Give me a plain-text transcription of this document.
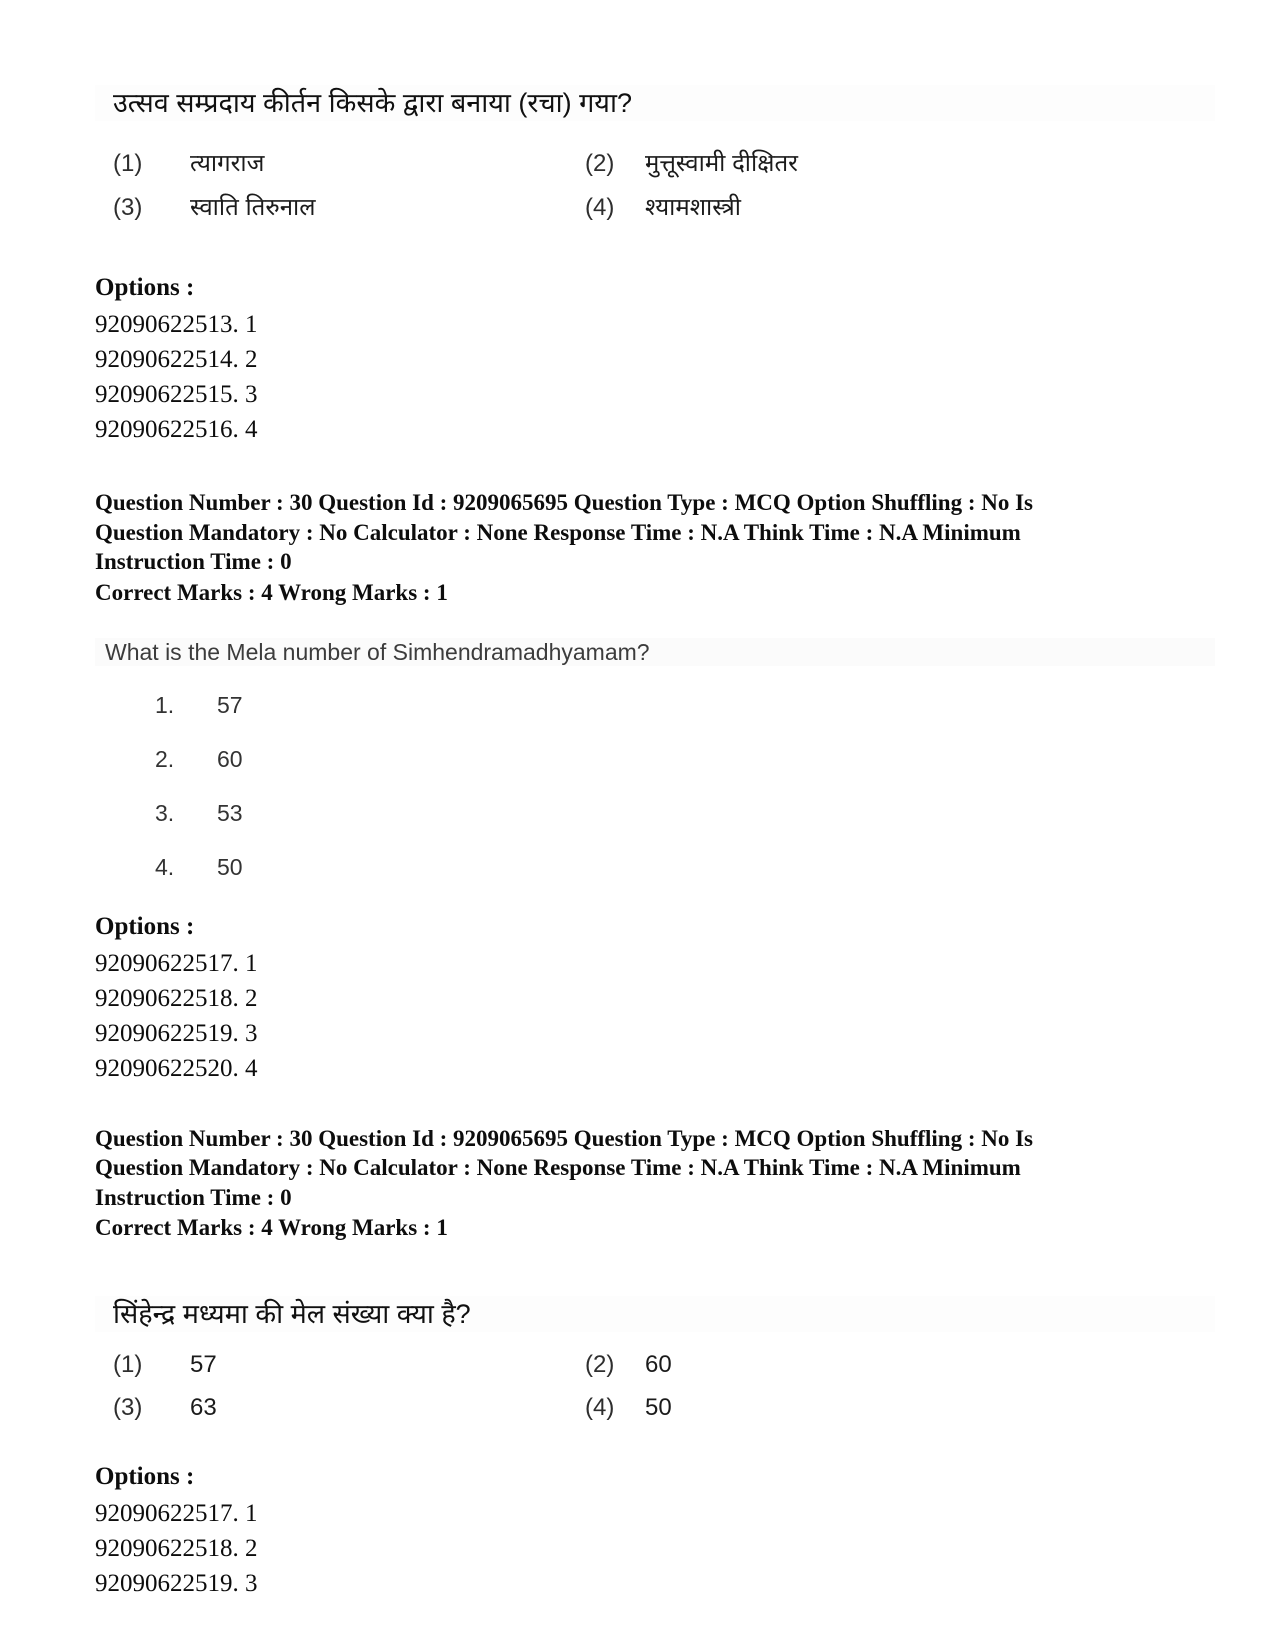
उत्सव सम्प्रदाय कीर्तन किसके द्वारा बनाया (रचा) गया?
(1)	त्यागराज	(2)	मुत्तूस्वामी दीक्षितर
(3)	स्वाति तिरुनाल	(4)	श्यामशास्त्री
Options :
92090622513. 1
92090622514. 2
92090622515. 3
92090622516. 4
Question Number : 30 Question Id : 9209065695 Question Type : MCQ Option Shuffling : No Is
Question Mandatory : No Calculator : None Response Time : N.A Think Time : N.A Minimum
Instruction Time : 0
Correct Marks : 4 Wrong Marks : 1
What is the Mela number of Simhendramadhyamam?
1.	57
2.	60
3.	53
4.	50
Options :
92090622517. 1
92090622518. 2
92090622519. 3
92090622520. 4
Question Number : 30 Question Id : 9209065695 Question Type : MCQ Option Shuffling : No Is
Question Mandatory : No Calculator : None Response Time : N.A Think Time : N.A Minimum
Instruction Time : 0
Correct Marks : 4 Wrong Marks : 1
सिंहेन्द्र मध्यमा की मेल संख्या क्या है?
(1)	57	(2)	60
(3)	63	(4)	50
Options :
92090622517. 1
92090622518. 2
92090622519. 3
